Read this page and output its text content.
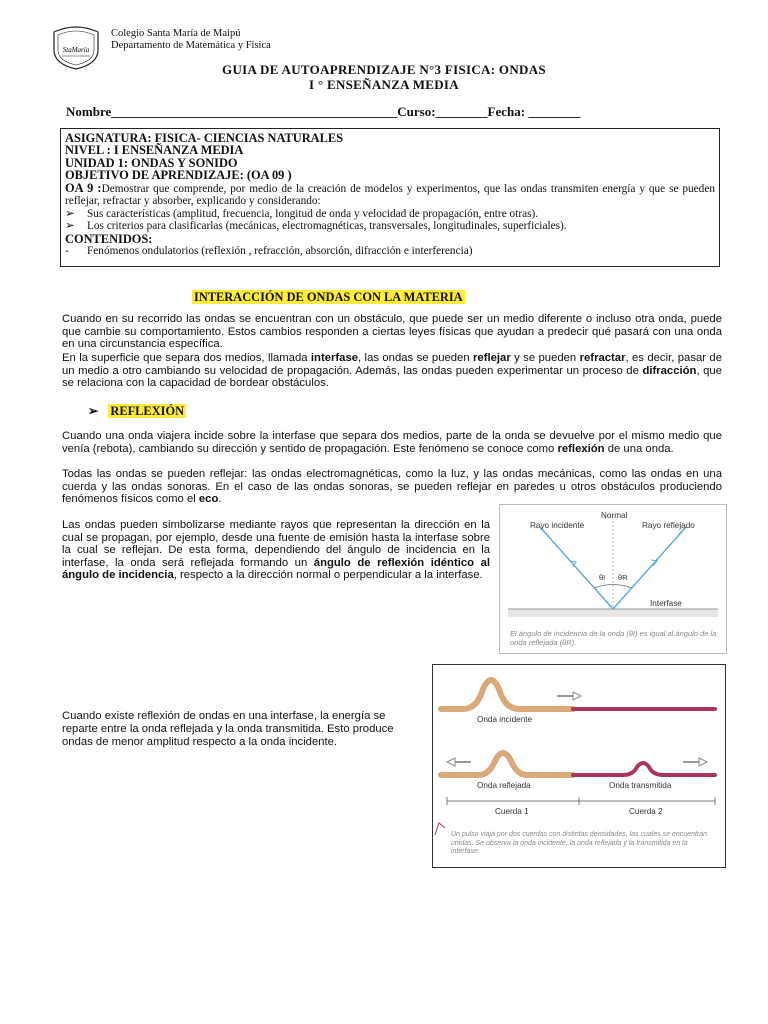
StaMaría
Colegio Santa María de Maipú
Departamento de Matemática y Física
GUIA DE AUTOAPRENDIZAJE N°3 FISICA: ONDAS
I ° ENSEÑANZA MEDIA
Nombre____________________________________________Curso:________Fecha: ________
ASIGNATURA: FISICA- CIENCIAS NATURALES
NIVEL : I ENSEÑANZA MEDIA
UNIDAD 1: ONDAS Y SONIDO
OBJETIVO DE APRENDIZAJE: (OA 09 )
OA 9 :Demostrar que comprende, por medio de la creación de modelos y experimentos, que las ondas transmiten energía y que se pueden reflejar, refractar y absorber, explicando y considerando:
➢	Sus características (amplitud, frecuencia, longitud de onda y velocidad de propagación, entre otras).
➢	Los criterios para clasificarlas (mecánicas, electromagnéticas, transversales, longitudinales, superficiales).
CONTENIDOS:
-	Fenómenos ondulatorios (reflexión , refracción, absorción, difracción e interferencia)
INTERACCIÓN DE ONDAS CON LA MATERIA
Cuando en su recorrido las ondas se encuentran con un obstáculo, que puede ser un medio diferente o incluso otra onda, puede que cambie su comportamiento. Estos cambios responden a ciertas leyes físicas que ayudan a predecir qué pasará con una onda en una circunstancia específica.
En la superficie que separa dos medios, llamada interfase, las ondas se pueden reflejar y se pueden refractar, es decir, pasar de un medio a otro cambiando su velocidad de propagación. Además, las ondas pueden experimentar un proceso de difracción, que se relaciona con la capacidad de bordear obstáculos.
➢ REFLEXIÓN
Cuando una onda viajera incide sobre la interfase que separa dos medios, parte de la onda se devuelve por el mismo medio que venía (rebota), cambiando su dirección y sentido de propagación. Este fenómeno se conoce como reflexión de una onda.
Todas las ondas se pueden reflejar: las ondas electromagnéticas, como la luz, y las ondas mecánicas, como las ondas en una cuerda y las ondas sonoras. En el caso de las ondas sonoras, se pueden reflejar en paredes u otros obstáculos produciendo fenómenos físicos como el eco.
Las ondas pueden simbolizarse mediante rayos que representan la dirección en la cual se propagan, por ejemplo, desde una fuente de emisión hasta la interfase sobre la cual se reflejan. De esta forma, dependiendo del ángulo de incidencia en la interfase, la onda será reflejada formando un ángulo de reflexión idéntico al ángulo de incidencia, respecto a la dirección normal o perpendicular a la interfase.
Normal
Rayo incidente	Rayo reflejado
θI θR
Interfase
El ángulo de incidencia de la onda (θI) es igual al ángulo de la onda reflejada (θR).
Cuando existe reflexión de ondas en una interfase, la energía se reparte entre la onda reflejada y la onda transmitida. Esto produce ondas de menor amplitud respecto a la onda incidente.
Onda incidente
Onda reflejada	Onda transmitida
Cuerda 1	Cuerda 2
Un pulso viaja por dos cuerdas con distintas densidades, las cuales se encuentran unidas. Se observa la onda incidente, la onda reflejada y la transmitida en la interfase.
